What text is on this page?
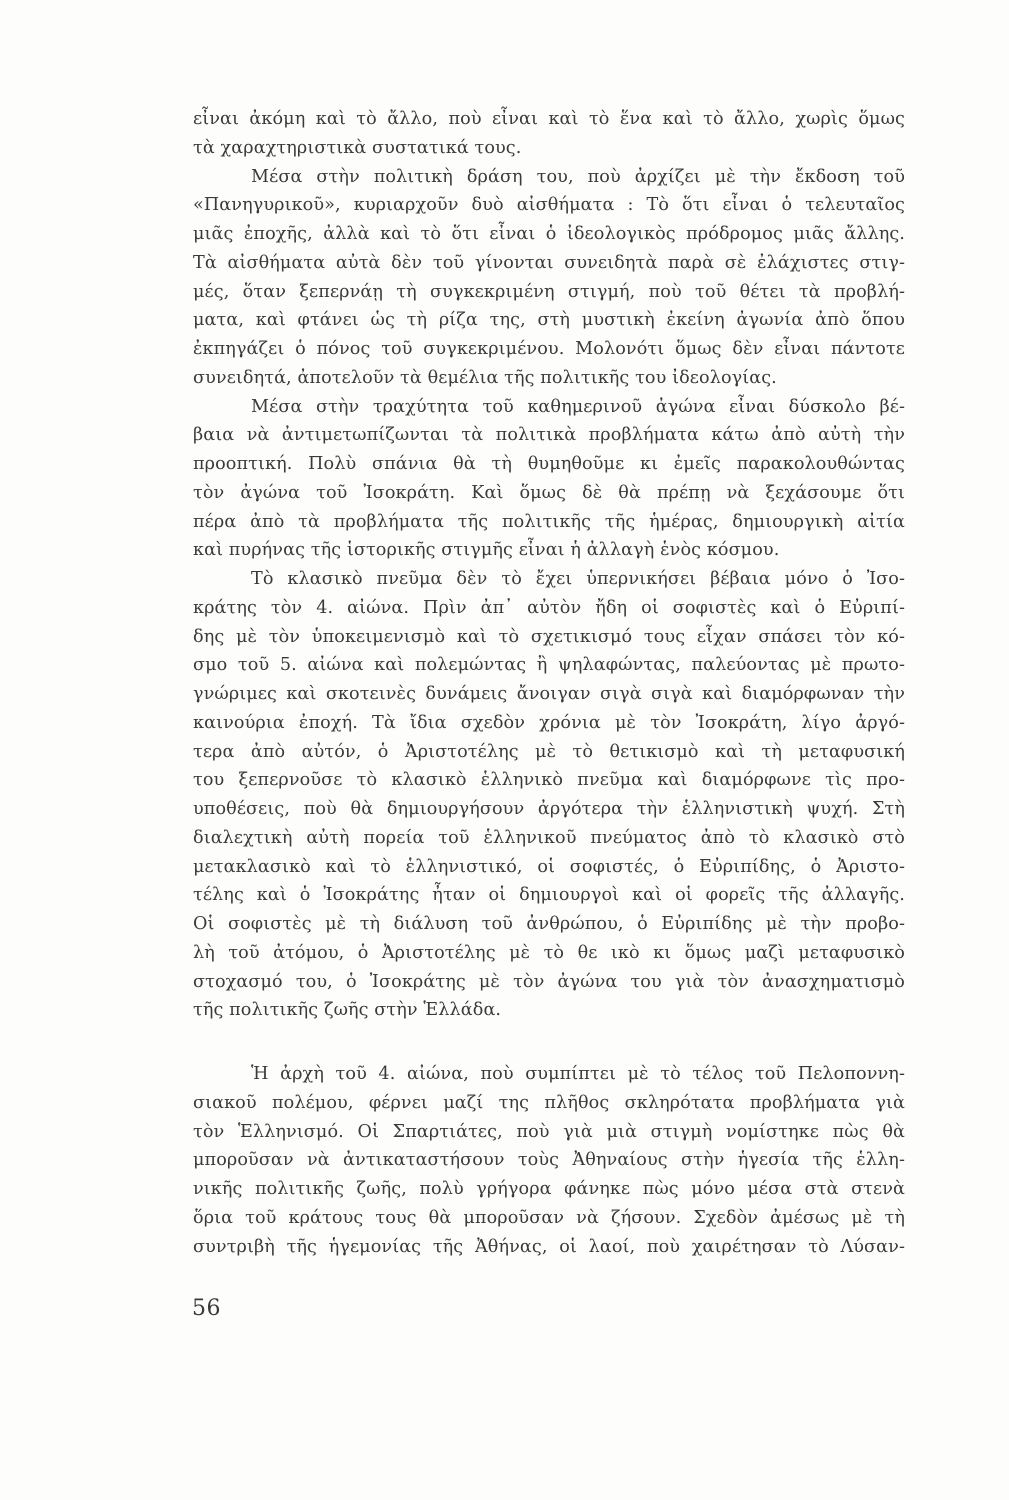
εἶναι ἀκόμη καὶ τὸ ἄλλο, ποὺ εἶναι καὶ τὸ ἕνα καὶ τὸ ἄλλο, χωρὶς ὅμως
τὰ χαραχτηριστικὰ συστατικά τους.
Μέσα στὴν πολιτικὴ δράση του, ποὺ ἀρχίζει μὲ τὴν ἔκδοση τοῦ
«Πανηγυρικοῦ», κυριαρχοῦν δυὸ αἰσθήματα : Τὸ ὅτι εἶναι ὁ τελευταῖος
μιᾶς ἐποχῆς, ἀλλὰ καὶ τὸ ὅτι εἶναι ὁ ἰδεολογικὸς πρόδρομος μιᾶς ἄλλης.
Τὰ αἰσθήματα αὐτὰ δὲν τοῦ γίνονται συνειδητὰ παρὰ σὲ ἐλάχιστες στιγ-
μές, ὅταν ξεπερνάῃ τὴ συγκεκριμένη στιγμή, ποὺ τοῦ θέτει τὰ προβλή-
ματα, καὶ φτάνει ὡς τὴ ρίζα της, στὴ μυστικὴ ἐκείνη ἀγωνία ἀπὸ ὅπου
ἐκπηγάζει ὁ πόνος τοῦ συγκεκριμένου. Μολονότι ὅμως δὲν εἶναι πάντοτε
συνειδητά, ἀποτελοῦν τὰ θεμέλια τῆς πολιτικῆς του ἰδεολογίας.
Μέσα στὴν τραχύτητα τοῦ καθημερινοῦ ἀγώνα εἶναι δύσκολο βέ-
βαια νὰ ἀντιμετωπίζωνται τὰ πολιτικὰ προβλήματα κάτω ἀπὸ αὐτὴ τὴν
προοπτική. Πολὺ σπάνια θὰ τὴ θυμηθοῦμε κι ἐμεῖς παρακολουθώντας
τὸν ἀγώνα τοῦ Ἰσοκράτη. Καὶ ὅμως δὲ θὰ πρέπῃ νὰ ξεχάσουμε ὅτι
πέρα ἀπὸ τὰ προβλήματα τῆς πολιτικῆς τῆς ἡμέρας, δημιουργικὴ αἰτία
καὶ πυρήνας τῆς ἱστορικῆς στιγμῆς εἶναι ἡ ἀλλαγὴ ἑνὸς κόσμου.
Τὸ κλασικὸ πνεῦμα δὲν τὸ ἔχει ὑπερνικήσει βέβαια μόνο ὁ Ἰσο-
κράτης τὸν 4. αἰώνα. Πρὶν ἀπ᾽ αὐτὸν ἤδη οἱ σοφιστὲς καὶ ὁ Εὐριπί-
δης μὲ τὸν ὑποκειμενισμὸ καὶ τὸ σχετικισμό τους εἶχαν σπάσει τὸν κό-
σμο τοῦ 5. αἰώνα καὶ πολεμώντας ἢ ψηλαφώντας, παλεύοντας μὲ πρωτο-
γνώριμες καὶ σκοτεινὲς δυνάμεις ἄνοιγαν σιγὰ σιγὰ καὶ διαμόρφωναν τὴν
καινούρια ἐποχή. Τὰ ἴδια σχεδὸν χρόνια μὲ τὸν Ἰσοκράτη, λίγο ἀργό-
τερα ἀπὸ αὐτόν, ὁ Ἀριστοτέλης μὲ τὸ θετικισμὸ καὶ τὴ μεταφυσική
του ξεπερνοῦσε τὸ κλασικὸ ἑλληνικὸ πνεῦμα καὶ διαμόρφωνε τὶς προ-
υποθέσεις, ποὺ θὰ δημιουργήσουν ἀργότερα τὴν ἑλληνιστικὴ ψυχή. Στὴ
διαλεχτικὴ αὐτὴ πορεία τοῦ ἑλληνικοῦ πνεύματος ἀπὸ τὸ κλασικὸ στὸ
μετακλασικὸ καὶ τὸ ἑλληνιστικό, οἱ σοφιστές, ὁ Εὐριπίδης, ὁ Ἀριστο-
τέλης καὶ ὁ Ἰσοκράτης ἦταν οἱ δημιουργοὶ καὶ οἱ φορεῖς τῆς ἀλλαγῆς.
Οἱ σοφιστὲς μὲ τὴ διάλυση τοῦ ἀνθρώπου, ὁ Εὐριπίδης μὲ τὴν προβο-
λὴ τοῦ ἀτόμου, ὁ Ἀριστοτέλης μὲ τὸ θε ικὸ κι ὅμως μαζὶ μεταφυσικὸ
στοχασμό του, ὁ Ἰσοκράτης μὲ τὸν ἀγώνα του γιὰ τὸν ἀνασχηματισμὸ
τῆς πολιτικῆς ζωῆς στὴν Ἑλλάδα.
Ἡ ἀρχὴ τοῦ 4. αἰώνα, ποὺ συμπίπτει μὲ τὸ τέλος τοῦ Πελοποννη-
σιακοῦ πολέμου, φέρνει μαζί της πλῆθος σκληρότατα προβλήματα γιὰ
τὸν Ἑλληνισμό. Οἱ Σπαρτιάτες, ποὺ γιὰ μιὰ στιγμὴ νομίστηκε πὼς θὰ
μποροῦσαν νὰ ἀντικαταστήσουν τοὺς Ἀθηναίους στὴν ἡγεσία τῆς ἑλλη-
νικῆς πολιτικῆς ζωῆς, πολὺ γρήγορα φάνηκε πὼς μόνο μέσα στὰ στενὰ
ὅρια τοῦ κράτους τους θὰ μποροῦσαν νὰ ζήσουν. Σχεδὸν ἀμέσως μὲ τὴ
συντριβὴ τῆς ἡγεμονίας τῆς Ἀθήνας, οἱ λαοί, ποὺ χαιρέτησαν τὸ Λύσαν-
56
